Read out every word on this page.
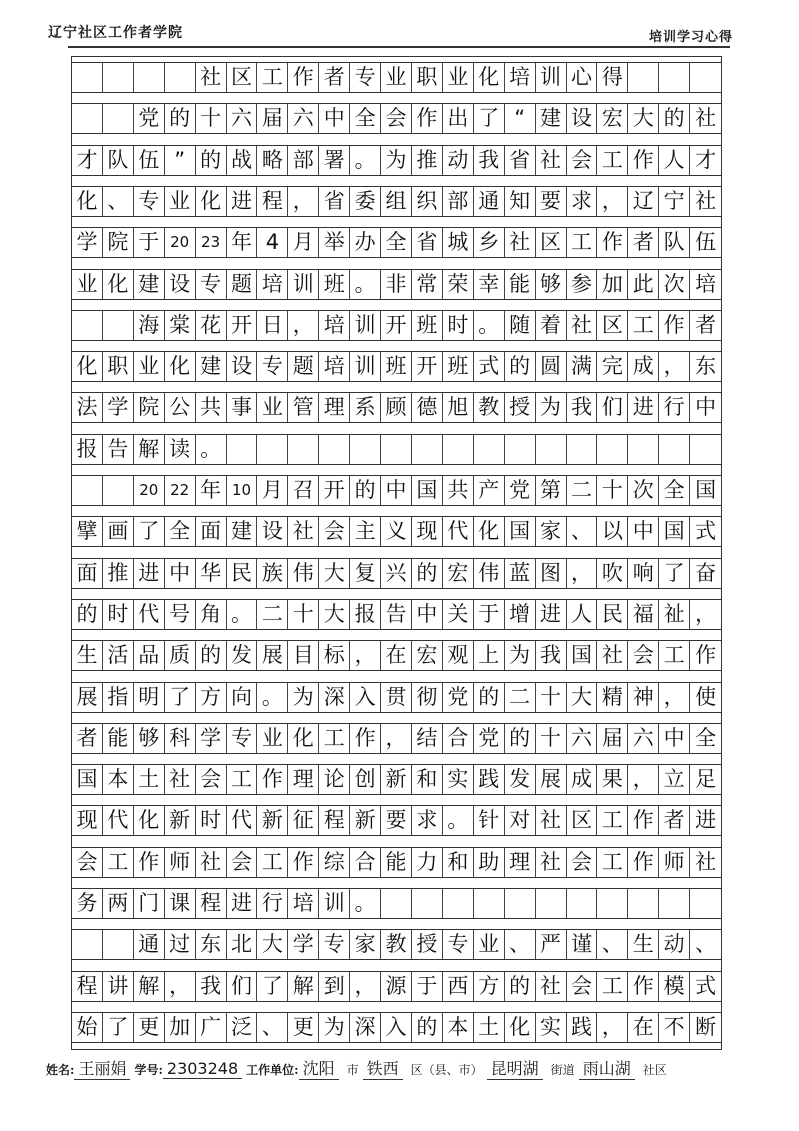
辽宁社区工作者学院	培训学习心得
社 区 工 作 者 专 业 职 业 化 培 训 心 得
党 的 十 六 届 六 中 全 会 作 出 了 “ 建 设 宏 大 的 社
才 队 伍 ” 的 战 略 部 署 。 为 推 动 我 省 社 会 工 作 人 才
化 、 专 业 化 进 程 ， 省 委 组 织 部 通 知 要 求 ， 辽 宁 社
学 院 于 20 23 年 4 月 举 办 全 省 城 乡 社 区 工 作 者 队 伍
业 化 建 设 专 题 培 训 班 。 非 常 荣 幸 能 够 参 加 此 次 培
海 棠 花 开 日 ， 培 训 开 班 时 。 随 着 社 区 工 作 者
化 职 业 化 建 设 专 题 培 训 班 开 班 式 的 圆 满 完 成 ， 东
法 学 院 公 共 事 业 管 理 系 顾 德 旭 教 授 为 我 们 进 行 中
报 告 解 读 。
20 22 年 10 月 召 开 的 中 国 共 产 党 第 二 十 次 全 国
擘 画 了 全 面 建 设 社 会 主 义 现 代 化 国 家 、 以 中 国 式
面 推 进 中 华 民 族 伟 大 复 兴 的 宏 伟 蓝 图 ， 吹 响 了 奋
的 时 代 号 角 。 二 十 大 报 告 中 关 于 增 进 人 民 福 祉 ，
生 活 品 质 的 发 展 目 标 ， 在 宏 观 上 为 我 国 社 会 工 作
展 指 明 了 方 向 。 为 深 入 贯 彻 党 的 二 十 大 精 神 ， 使
者 能 够 科 学 专 业 化 工 作 ， 结 合 党 的 十 六 届 六 中 全
国 本 土 社 会 工 作 理 论 创 新 和 实 践 发 展 成 果 ， 立 足
现 代 化 新 时 代 新 征 程 新 要 求 。 针 对 社 区 工 作 者 进
会 工 作 师 社 会 工 作 综 合 能 力 和 助 理 社 会 工 作 师 社
务 两 门 课 程 进 行 培 训 。
通 过 东 北 大 学 专 家 教 授 专 业 、 严 谨 、 生 动 、
程 讲 解 ， 我 们 了 解 到 ， 源 于 西 方 的 社 会 工 作 模 式
始 了 更 加 广 泛 、 更 为 深 入 的 本 土 化 实 践 ， 在 不 断
姓名: 王丽娟 学号: 2303248 工作单位: 沈阳	市 铁西	区（县、市） 昆明湖	街道 雨山湖	社区
